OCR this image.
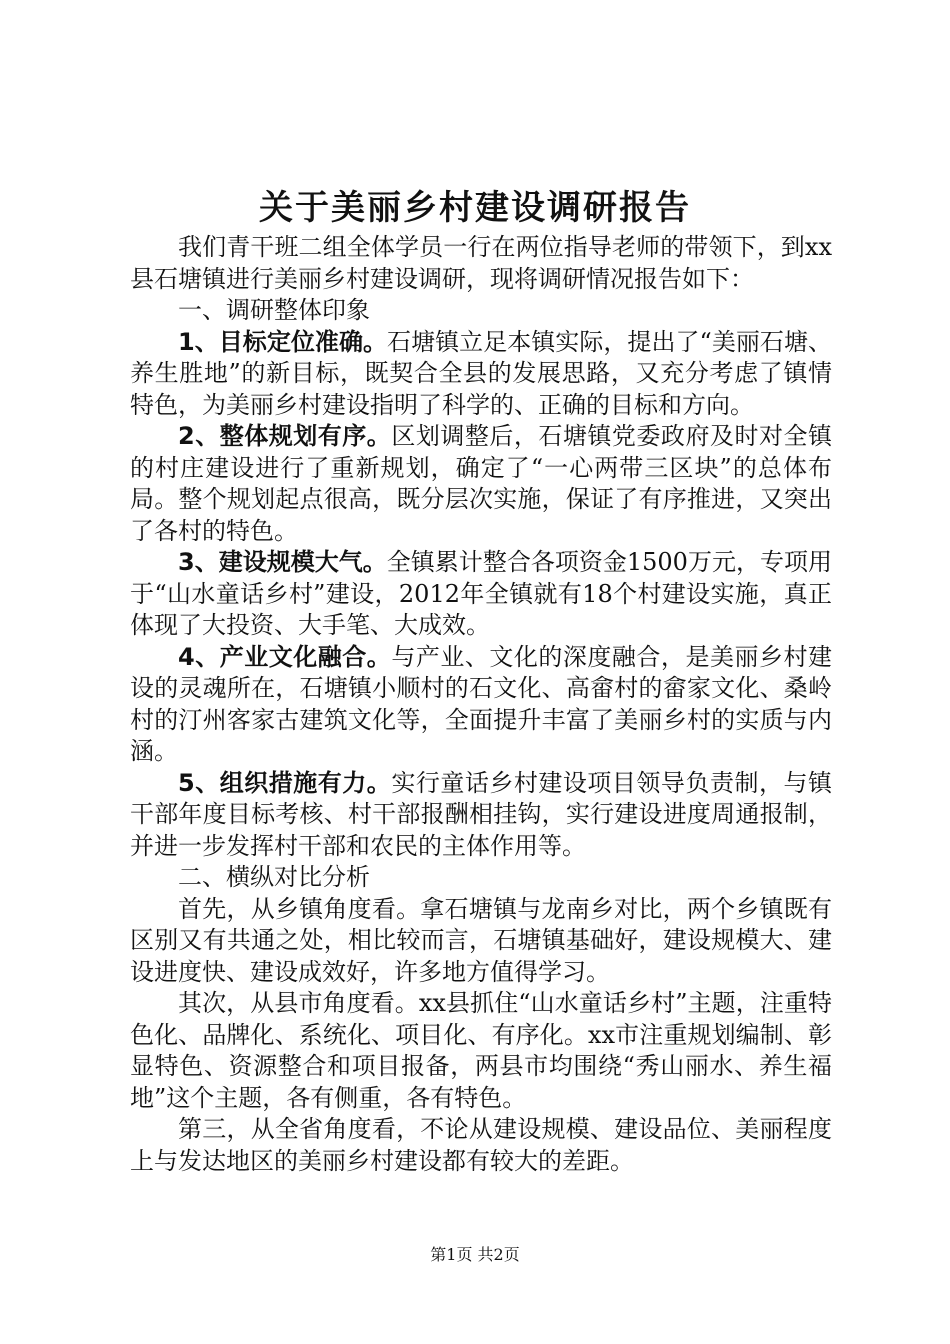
关于美丽乡村建设调研报告

我们青干班二组全体学员一行在两位指导老师的带领下，到xx县石塘镇进行美丽乡村建设调研，现将调研情况报告如下：

一、调研整体印象

1、目标定位准确。石塘镇立足本镇实际，提出了“美丽石塘、养生胜地”的新目标，既契合全县的发展思路，又充分考虑了镇情特色，为美丽乡村建设指明了科学的、正确的目标和方向。

2、整体规划有序。区划调整后，石塘镇党委政府及时对全镇的村庄建设进行了重新规划，确定了“一心两带三区块”的总体布局。整个规划起点很高，既分层次实施，保证了有序推进，又突出了各村的特色。

3、建设规模大气。全镇累计整合各项资金1500万元，专项用于“山水童话乡村”建设，2012年全镇就有18个村建设实施，真正体现了大投资、大手笔、大成效。

4、产业文化融合。与产业、文化的深度融合，是美丽乡村建设的灵魂所在，石塘镇小顺村的石文化、高畲村的畲家文化、桑岭村的汀州客家古建筑文化等，全面提升丰富了美丽乡村的实质与内涵。

5、组织措施有力。实行童话乡村建设项目领导负责制，与镇干部年度目标考核、村干部报酬相挂钩，实行建设进度周通报制，并进一步发挥村干部和农民的主体作用等。

二、横纵对比分析

首先，从乡镇角度看。拿石塘镇与龙南乡对比，两个乡镇既有区别又有共通之处，相比较而言，石塘镇基础好，建设规模大、建设进度快、建设成效好，许多地方值得学习。

其次，从县市角度看。xx县抓住“山水童话乡村”主题，注重特色化、品牌化、系统化、项目化、有序化。xx市注重规划编制、彰显特色、资源整合和项目报备，两县市均围绕“秀山丽水、养生福地”这个主题，各有侧重，各有特色。

第三，从全省角度看，不论从建设规模、建设品位、美丽程度上与发达地区的美丽乡村建设都有较大的差距。

第1页 共2页
